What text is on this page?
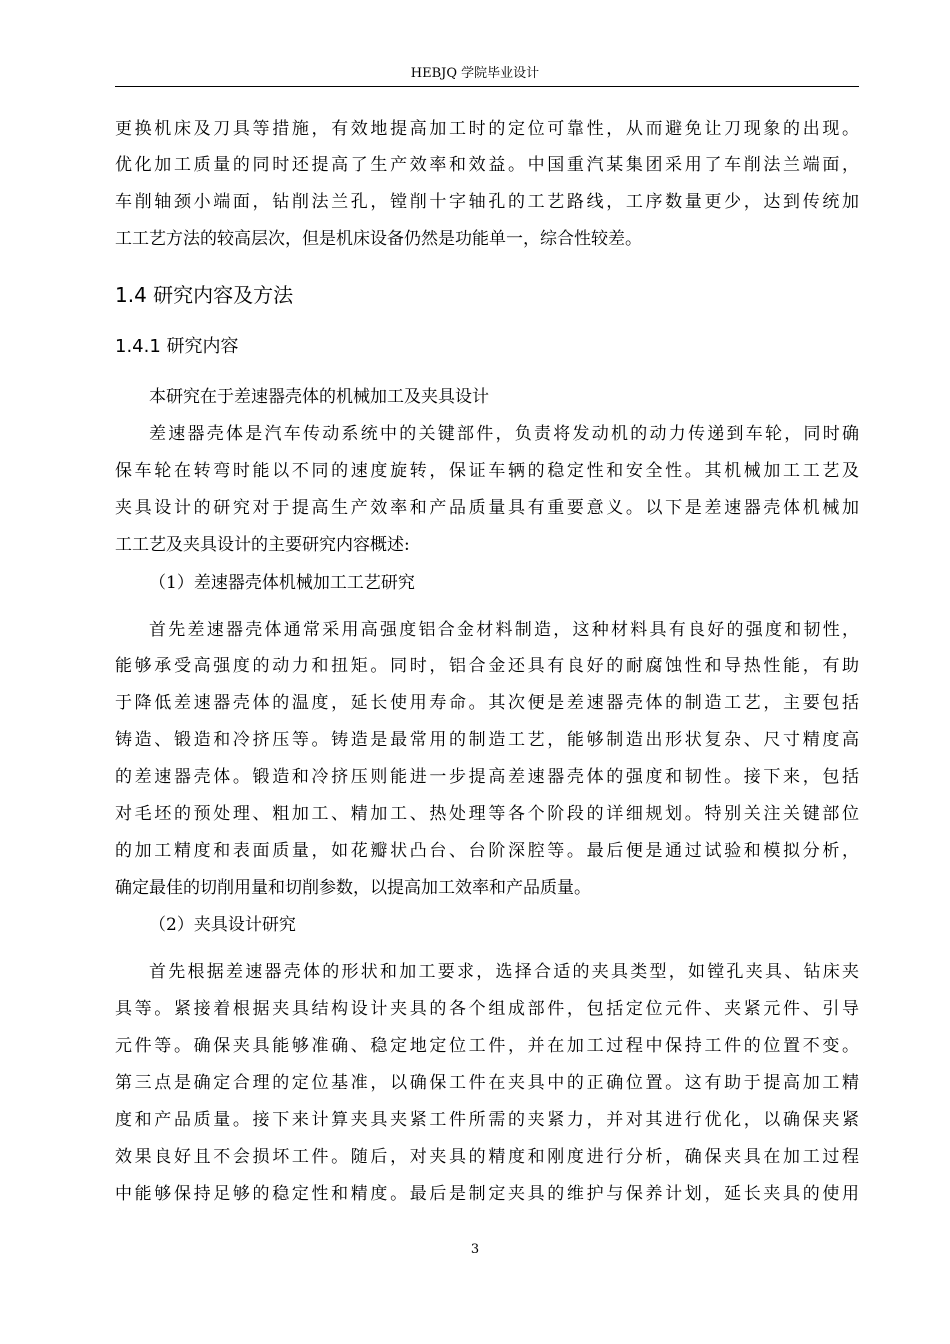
HEBJQ 学院毕业设计
更换机床及刀具等措施，有效地提高加工时的定位可靠性，从而避免让刀现象的出现。
优化加工质量的同时还提高了生产效率和效益。中国重汽某集团采用了车削法兰端面，
车削轴颈小端面，钻削法兰孔，镗削十字轴孔的工艺路线，工序数量更少，达到传统加
工工艺方法的较高层次，但是机床设备仍然是功能单一，综合性较差。
1.4 研究内容及方法
1.4.1 研究内容
本研究在于差速器壳体的机械加工及夹具设计
差速器壳体是汽车传动系统中的关键部件，负责将发动机的动力传递到车轮，同时确
保车轮在转弯时能以不同的速度旋转，保证车辆的稳定性和安全性。其机械加工工艺及
夹具设计的研究对于提高生产效率和产品质量具有重要意义。以下是差速器壳体机械加
工工艺及夹具设计的主要研究内容概述:
（1）差速器壳体机械加工工艺研究
首先差速器壳体通常采用高强度铝合金材料制造，这种材料具有良好的强度和韧性，
能够承受高强度的动力和扭矩。同时，铝合金还具有良好的耐腐蚀性和导热性能，有助
于降低差速器壳体的温度，延长使用寿命。其次便是差速器壳体的制造工艺，主要包括
铸造、锻造和冷挤压等。铸造是最常用的制造工艺，能够制造出形状复杂、尺寸精度高
的差速器壳体。锻造和冷挤压则能进一步提高差速器壳体的强度和韧性。接下来，包括
对毛坯的预处理、粗加工、精加工、热处理等各个阶段的详细规划。特别关注关键部位
的加工精度和表面质量，如花瓣状凸台、台阶深腔等。最后便是通过试验和模拟分析，
确定最佳的切削用量和切削参数，以提高加工效率和产品质量。
（2）夹具设计研究
首先根据差速器壳体的形状和加工要求，选择合适的夹具类型，如镗孔夹具、钻床夹
具等。紧接着根据夹具结构设计夹具的各个组成部件，包括定位元件、夹紧元件、引导
元件等。确保夹具能够准确、稳定地定位工件，并在加工过程中保持工件的位置不变。
第三点是确定合理的定位基准，以确保工件在夹具中的正确位置。这有助于提高加工精
度和产品质量。接下来计算夹具夹紧工件所需的夹紧力，并对其进行优化，以确保夹紧
效果良好且不会损坏工件。随后，对夹具的精度和刚度进行分析，确保夹具在加工过程
中能够保持足够的稳定性和精度。最后是制定夹具的维护与保养计划，延长夹具的使用
3
